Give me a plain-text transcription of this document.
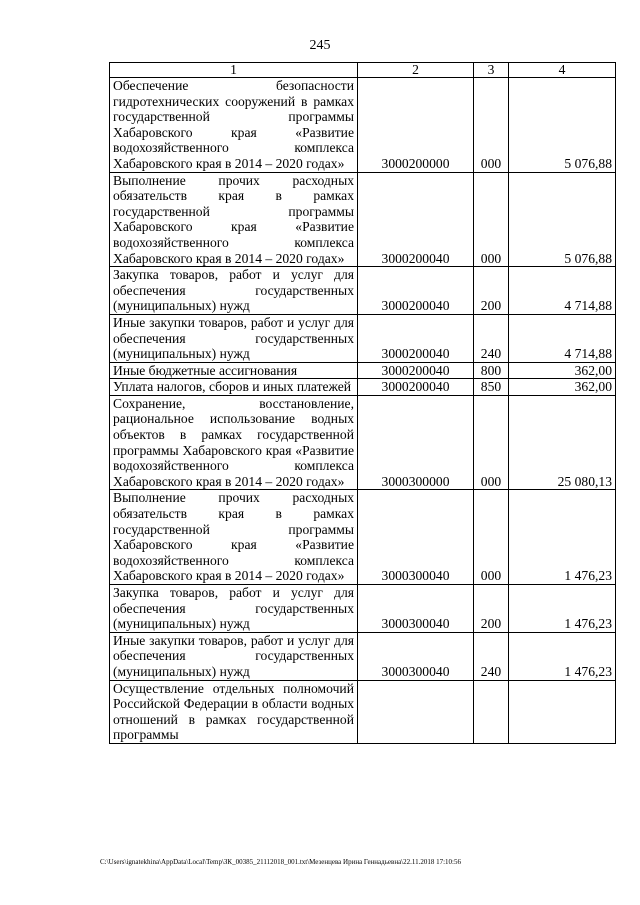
245
1	2	3	4
Обеспечение безопасности гидротехнических сооружений в рамках государственной программы Хабаровского края «Развитие водохозяйственного комплекса Хабаровского края в 2014 – 2020 годах»	3000200000	000	5 076,88
Выполнение прочих расходных обязательств края в рамках государственной программы Хабаровского края «Развитие водохозяйственного комплекса Хабаровского края в 2014 – 2020 годах»	3000200040	000	5 076,88
Закупка товаров, работ и услуг для обеспечения государственных (муниципальных) нужд	3000200040	200	4 714,88
Иные закупки товаров, работ и услуг для обеспечения государственных (муниципальных) нужд	3000200040	240	4 714,88
Иные бюджетные ассигнования	3000200040	800	362,00
Уплата налогов, сборов и иных платежей	3000200040	850	362,00
Сохранение, восстановление, рациональное использование водных объектов в рамках государственной программы Хабаровского края «Развитие водохозяйственного комплекса Хабаровского края в 2014 – 2020 годах»	3000300000	000	25 080,13
Выполнение прочих расходных обязательств края в рамках государственной программы Хабаровского края «Развитие водохозяйственного комплекса Хабаровского края в 2014 – 2020 годах»	3000300040	000	1 476,23
Закупка товаров, работ и услуг для обеспечения государственных (муниципальных) нужд	3000300040	200	1 476,23
Иные закупки товаров, работ и услуг для обеспечения государственных (муниципальных) нужд	3000300040	240	1 476,23
Осуществление отдельных полномочий Российской Федерации в области водных отношений в рамках государственной программы			
C:\Users\ignatekhina\AppData\Local\Temp\ЗК_00385_21112018_001.txt\Мезенцева Ирина Геннадьевна\22.11.2018 17:10:56
